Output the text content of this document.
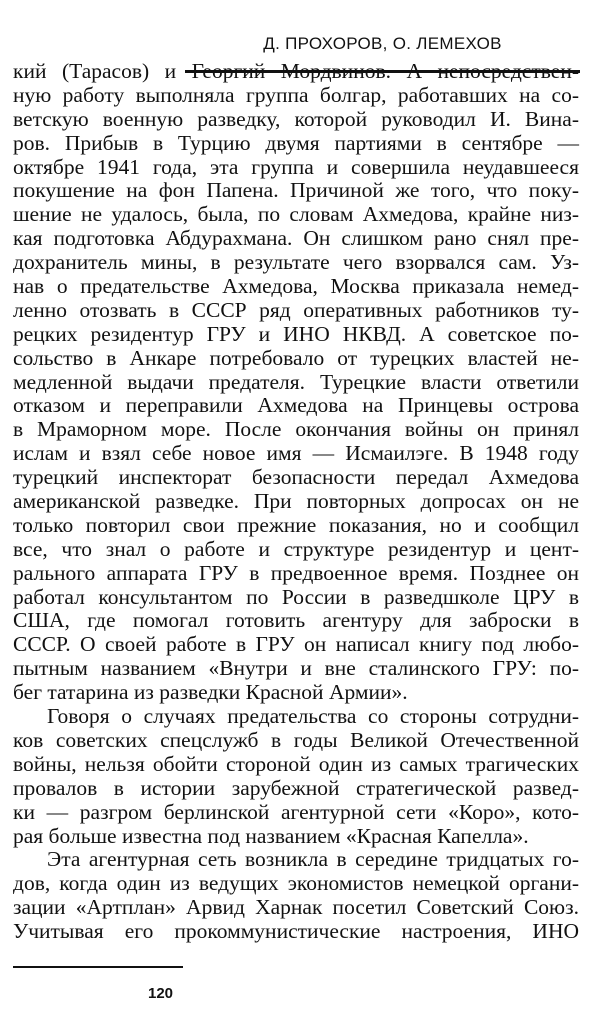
Д. ПРОХОРОВ, О. ЛЕМЕХОВ
кий (Тарасов) и Георгий Мордвинов. А непосредствен-
ную работу выполняла группа болгар, работавших на со-
ветскую военную разведку, которой руководил И. Вина-
ров. Прибыв в Турцию двумя партиями в сентябре —
октябре 1941 года, эта группа и совершила неудавшееся
покушение на фон Папена. Причиной же того, что поку-
шение не удалось, была, по словам Ахмедова, крайне низ-
кая подготовка Абдурахмана. Он слишком рано снял пре-
дохранитель мины, в результате чего взорвался сам. Уз-
нав о предательстве Ахмедова, Москва приказала немед-
ленно отозвать в СССР ряд оперативных работников ту-
рецких резидентур ГРУ и ИНО НКВД. А советское по-
сольство в Анкаре потребовало от турецких властей не-
медленной выдачи предателя. Турецкие власти ответили
отказом и переправили Ахмедова на Принцевы острова
в Мраморном море. После окончания войны он принял
ислам и взял себе новое имя — Исмаилэге. В 1948 году
турецкий инспекторат безопасности передал Ахмедова
американской разведке. При повторных допросах он не
только повторил свои прежние показания, но и сообщил
все, что знал о работе и структуре резидентур и цент-
рального аппарата ГРУ в предвоенное время. Позднее он
работал консультантом по России в разведшколе ЦРУ в
США, где помогал готовить агентуру для заброски в
СССР. О своей работе в ГРУ он написал книгу под любо-
пытным названием «Внутри и вне сталинского ГРУ: по-
бег татарина из разведки Красной Армии».
Говоря о случаях предательства со стороны сотрудни-
ков советских спецслужб в годы Великой Отечественной
войны, нельзя обойти стороной один из самых трагических
провалов в истории зарубежной стратегической развед-
ки — разгром берлинской агентурной сети «Коро», кото-
рая больше известна под названием «Красная Капелла».
Эта агентурная сеть возникла в середине тридцатых го-
дов, когда один из ведущих экономистов немецкой органи-
зации «Артплан» Арвид Харнак посетил Советский Союз.
Учитывая его прокоммунистические настроения, ИНО
120
